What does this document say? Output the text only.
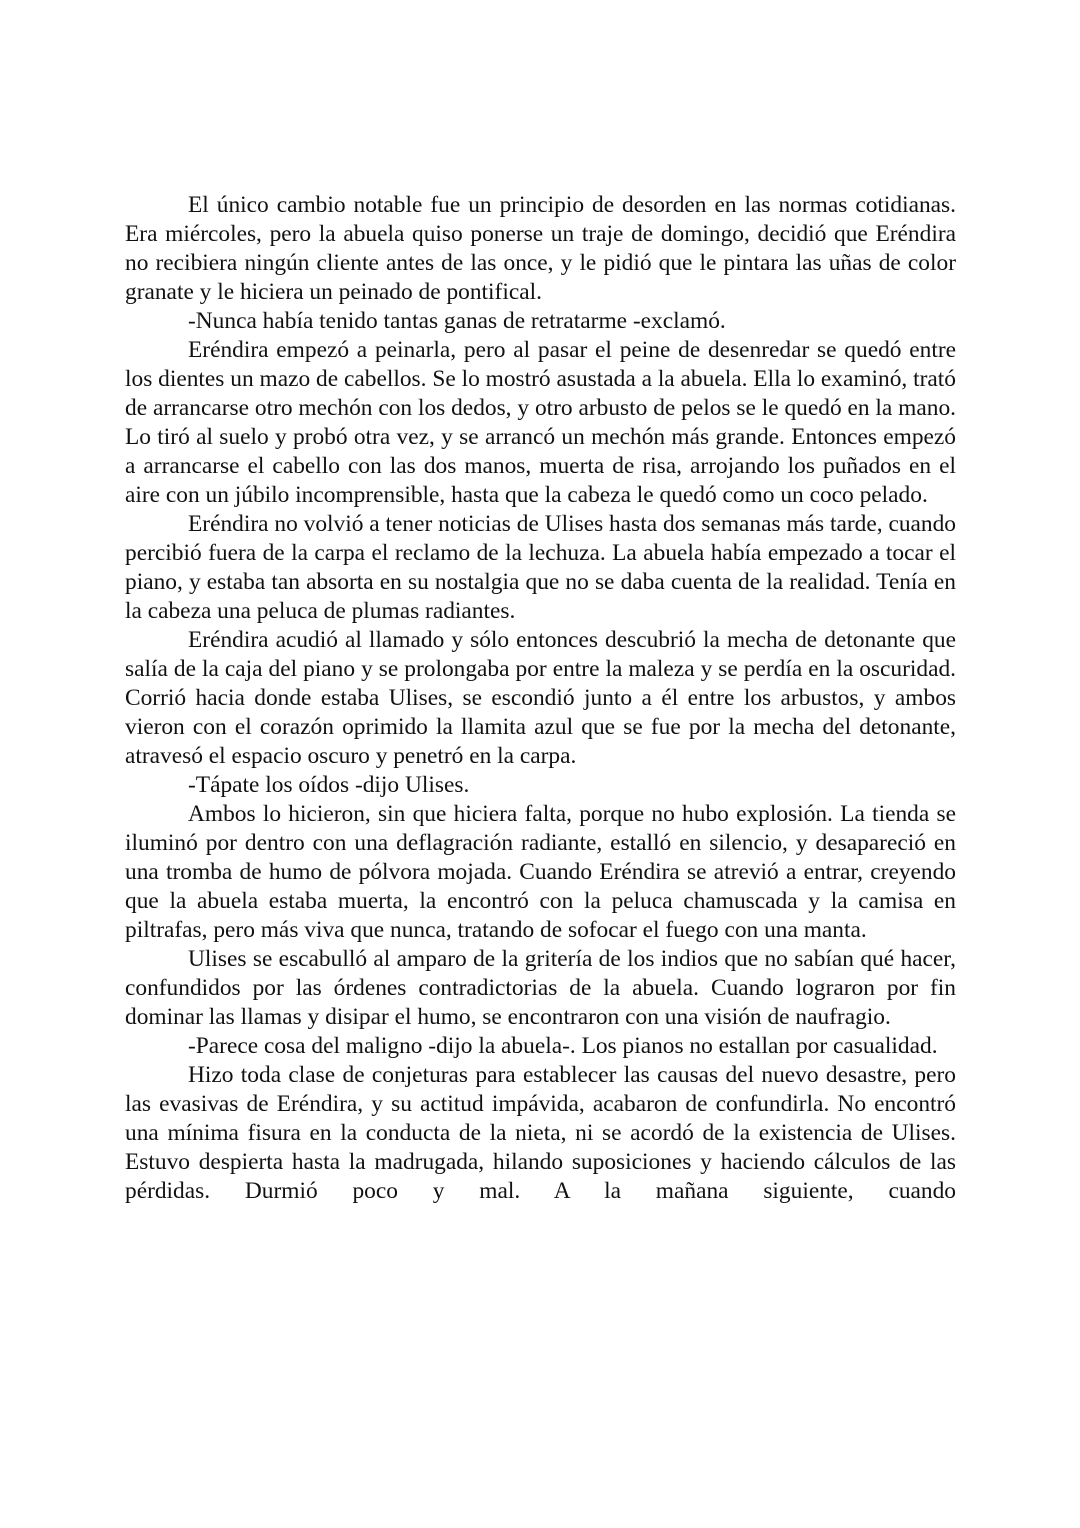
El único cambio notable fue un principio de desorden en las normas cotidianas. Era miércoles, pero la abuela quiso ponerse un traje de domingo, decidió que Eréndira no recibiera ningún cliente antes de las once, y le pidió que le pintara las uñas de color granate y le hiciera un peinado de pontifical.

-Nunca había tenido tantas ganas de retratarme -exclamó.

Eréndira empezó a peinarla, pero al pasar el peine de desenredar se quedó entre los dientes un mazo de cabellos. Se lo mostró asustada a la abuela. Ella lo examinó, trató de arrancarse otro mechón con los dedos, y otro arbusto de pelos se le quedó en la mano. Lo tiró al suelo y probó otra vez, y se arrancó un mechón más grande. Entonces empezó a arrancarse el cabello con las dos manos, muerta de risa, arrojando los puñados en el aire con un júbilo incomprensible, hasta que la cabeza le quedó como un coco pelado.

Eréndira no volvió a tener noticias de Ulises hasta dos semanas más tarde, cuando percibió fuera de la carpa el reclamo de la lechuza. La abuela había empezado a tocar el piano, y estaba tan absorta en su nostalgia que no se daba cuenta de la realidad. Tenía en la cabeza una peluca de plumas radiantes.

Eréndira acudió al llamado y sólo entonces descubrió la mecha de detonante que salía de la caja del piano y se prolongaba por entre la maleza y se perdía en la oscuridad. Corrió hacia donde estaba Ulises, se escondió junto a él entre los arbustos, y ambos vieron con el corazón oprimido la llamita azul que se fue por la mecha del detonante, atravesó el espacio oscuro y penetró en la carpa.

-Tápate los oídos -dijo Ulises.

Ambos lo hicieron, sin que hiciera falta, porque no hubo explosión. La tienda se iluminó por dentro con una deflagración radiante, estalló en silencio, y desapareció en una tromba de humo de pólvora mojada. Cuando Eréndira se atrevió a entrar, creyendo que la abuela estaba muerta, la encontró con la peluca chamuscada y la camisa en piltrafas, pero más viva que nunca, tratando de sofocar el fuego con una manta.

Ulises se escabulló al amparo de la gritería de los indios que no sabían qué hacer, confundidos por las órdenes contradictorias de la abuela. Cuando lograron por fin dominar las llamas y disipar el humo, se encontraron con una visión de naufragio.

-Parece cosa del maligno -dijo la abuela-. Los pianos no estallan por casualidad.

Hizo toda clase de conjeturas para establecer las causas del nuevo desastre, pero las evasivas de Eréndira, y su actitud impávida, acabaron de confundirla. No encontró una mínima fisura en la conducta de la nieta, ni se acordó de la existencia de Ulises. Estuvo despierta hasta la madrugada, hilando suposiciones y haciendo cálculos de las pérdidas. Durmió poco y mal. A la mañana siguiente, cuando
